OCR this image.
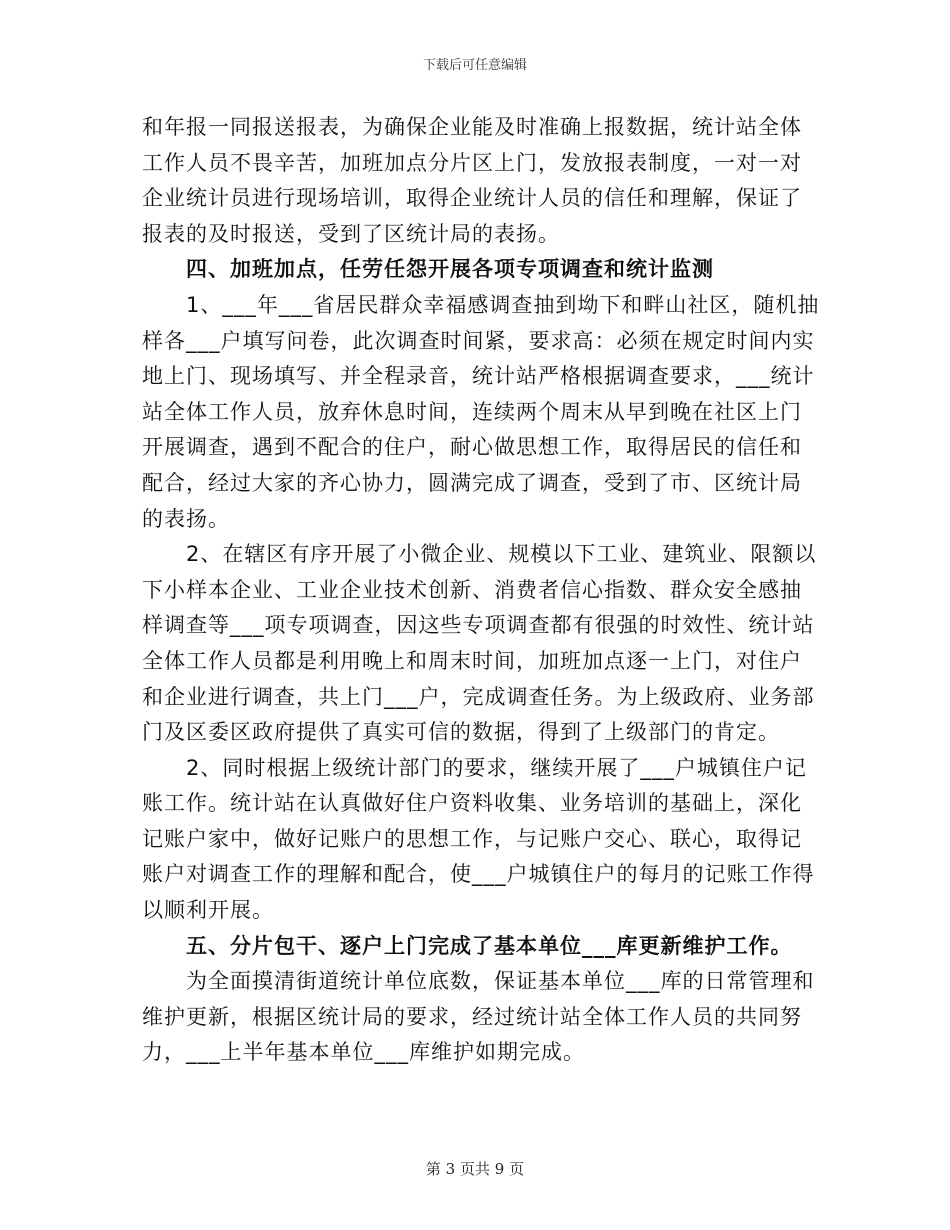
下载后可任意编辑
和年报一同报送报表，为确保企业能及时准确上报数据，统计站全体
工作人员不畏辛苦，加班加点分片区上门，发放报表制度，一对一对
企业统计员进行现场培训，取得企业统计人员的信任和理解，保证了
报表的及时报送，受到了区统计局的表扬。
四、加班加点，任劳任怨开展各项专项调查和统计监测
1、___年___省居民群众幸福感调查抽到坳下和畔山社区，随机抽
样各___户填写问卷，此次调查时间紧，要求高：必须在规定时间内实
地上门、现场填写、并全程录音，统计站严格根据调查要求，___统计
站全体工作人员，放弃休息时间，连续两个周末从早到晚在社区上门
开展调查，遇到不配合的住户，耐心做思想工作，取得居民的信任和
配合，经过大家的齐心协力，圆满完成了调查，受到了市、区统计局
的表扬。
2、在辖区有序开展了小微企业、规模以下工业、建筑业、限额以
下小样本企业、工业企业技术创新、消费者信心指数、群众安全感抽
样调查等___项专项调查，因这些专项调查都有很强的时效性、统计站
全体工作人员都是利用晚上和周末时间，加班加点逐一上门，对住户
和企业进行调查，共上门___户，完成调查任务。为上级政府、业务部
门及区委区政府提供了真实可信的数据，得到了上级部门的肯定。
2、同时根据上级统计部门的要求，继续开展了___户城镇住户记
账工作。统计站在认真做好住户资料收集、业务培训的基础上，深化
记账户家中，做好记账户的思想工作，与记账户交心、联心，取得记
账户对调查工作的理解和配合，使___户城镇住户的每月的记账工作得
以顺利开展。
五、分片包干、逐户上门完成了基本单位___库更新维护工作。
为全面摸清街道统计单位底数，保证基本单位___库的日常管理和
维护更新，根据区统计局的要求，经过统计站全体工作人员的共同努
力，___上半年基本单位___库维护如期完成。
第 3 页共 9 页
